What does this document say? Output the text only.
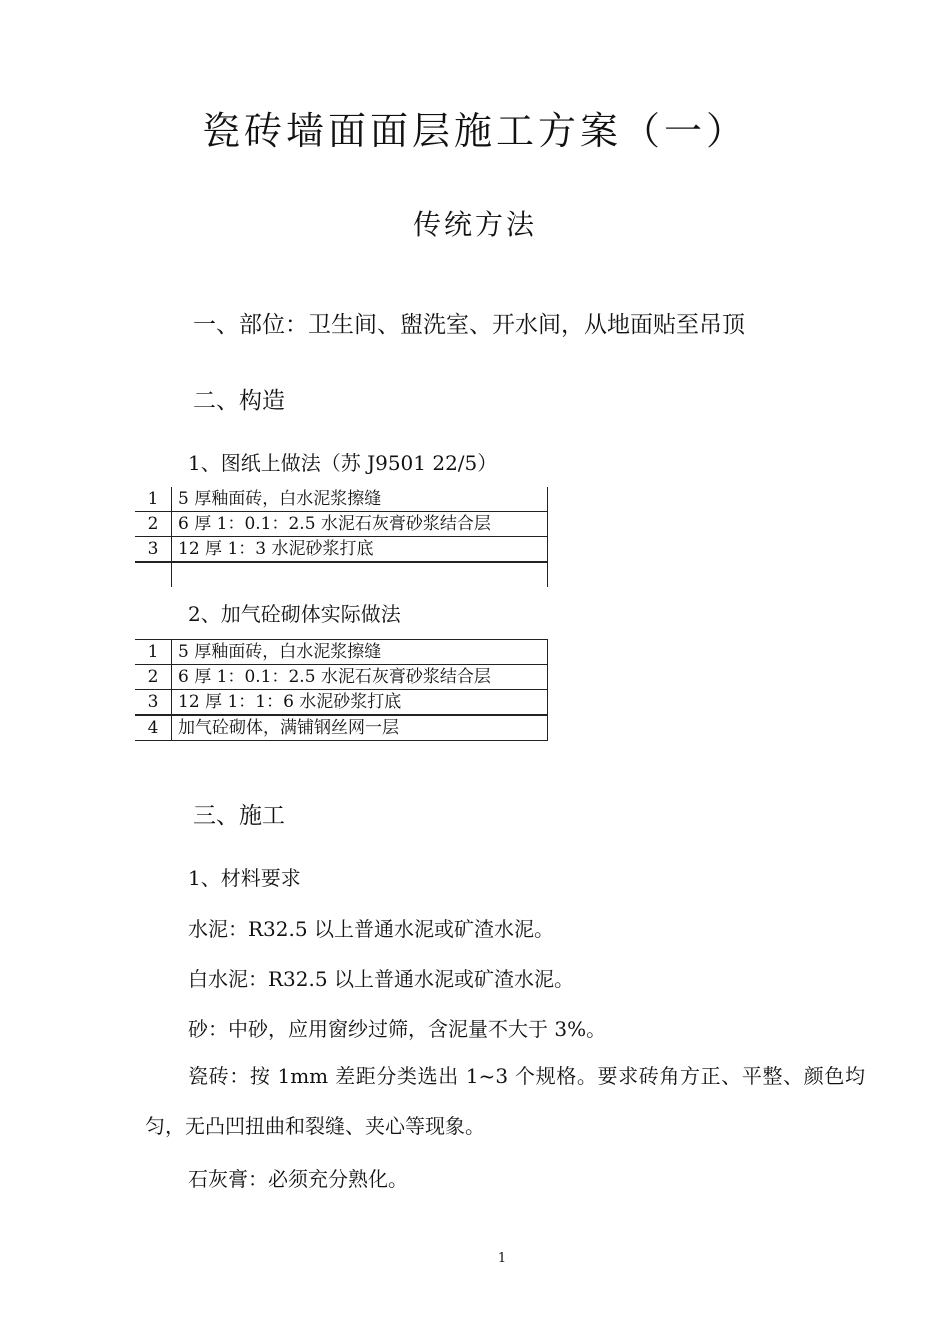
瓷砖墙面面层施工方案（一）
传统方法
一、部位：卫生间、盥洗室、开水间，从地面贴至吊顶
二、构造
1、图纸上做法（苏 J9501 22/5）
1	5 厚釉面砖，白水泥浆擦缝
2	6 厚 1：0.1：2.5 水泥石灰膏砂浆结合层
3	12 厚 1：3 水泥砂浆打底

2、加气砼砌体实际做法
1	5 厚釉面砖，白水泥浆擦缝
2	6 厚 1：0.1：2.5 水泥石灰膏砂浆结合层
3	12 厚 1：1：6 水泥砂浆打底
4	加气砼砌体，满铺钢丝网一层
三、施工
1、材料要求
水泥：R32.5 以上普通水泥或矿渣水泥。
白水泥：R32.5 以上普通水泥或矿渣水泥。
砂：中砂，应用窗纱过筛，含泥量不大于 3%。
瓷砖：按 1mm 差距分类选出 1~3 个规格。要求砖角方正、平整、颜色均匀，无凸凹扭曲和裂缝、夹心等现象。
石灰膏：必须充分熟化。
1
